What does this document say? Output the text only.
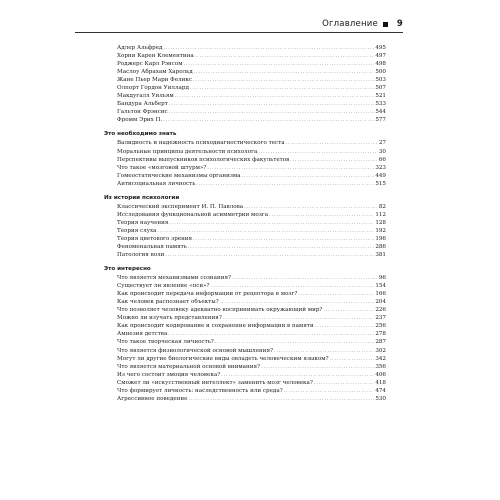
Оглавление 9
Адлер Альфред .....	495
Хорни Карен Клементина .....	497
Роджерс Карл Рэнсом .....	498
Маслоу Абрахам Харольд .....	500
Жане Пьер Мари Феликс .....	503
Олпорт Гордон Уиллард .....	507
Макдугалл Уильям .....	521
Бандура Альберт .....	533
Гальтон Фрэнсис .....	544
Фромм Эрих П. .....	577
Это необходимо знать
Валидность и надежность психодиагностического теста .....	27
Моральные принципы деятельности психолога .....	30
Перспективы выпускников психологических факультетов .....	66
Что такое «мозговой штурм»? .....	323
Гомеостатические механизмы организма .....	449
Антисоциальная личность .....	515
Из истории психологии
Классический эксперимент И. П. Павлова .....	82
Исследования функциональной асимметрии мозга .....	112
Теория научения .....	128
Теория слуха .....	192
Теория цветового зрения .....	196
Феноменальная память .....	286
Патология воли .....	381
Это интересно
Что является механизмами сознания? .....	96
Существует ли явление «пси»? .....	154
Как происходит передача информации от рецептора в мозг? .....	166
Как человек распознает объекты? .....	204
Что позволяет человеку адекватно воспринимать окружающий мир? .....	226
Можно ли изучать представления? .....	237
Как происходит кодирование и сохранение информации в памяти .....	256
Амнезия детства .....	278
Что такое творческая личность? .....	287
Что является физиологической основой мышления? .....	302
Могут ли другие биологические виды овладеть человеческим языком? .....	342
Что является материальной основой внимания? .....	356
Из чего состоит эмоция человека? .....	406
Сможет ли «искусственный интеллект» заменить мозг человека? .....	418
Что формирует личность: наследственность или среда? .....	474
Агрессивное поведение .....	530
